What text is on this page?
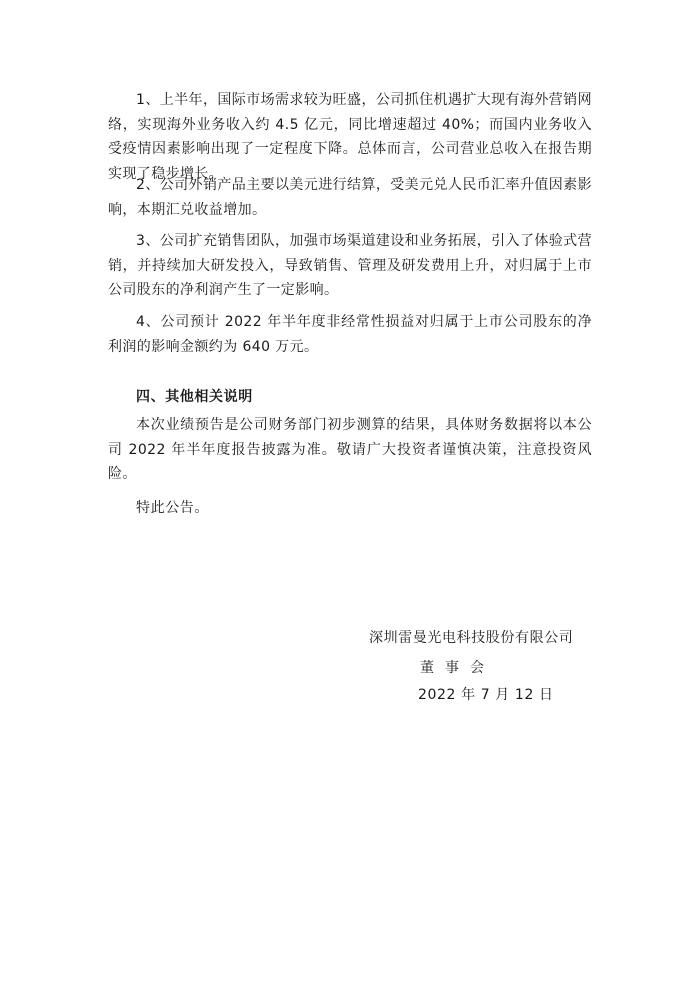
1、上半年，国际市场需求较为旺盛，公司抓住机遇扩大现有海外营销网络，实现海外业务收入约 4.5 亿元，同比增速超过 40%；而国内业务收入受疫情因素影响出现了一定程度下降。总体而言，公司营业总收入在报告期实现了稳步增长。

2、公司外销产品主要以美元进行结算，受美元兑人民币汇率升值因素影响，本期汇兑收益增加。

3、公司扩充销售团队，加强市场渠道建设和业务拓展，引入了体验式营销，并持续加大研发投入，导致销售、管理及研发费用上升，对归属于上市公司股东的净利润产生了一定影响。

4、公司预计 2022 年半年度非经常性损益对归属于上市公司股东的净利润的影响金额约为 640 万元。

四、其他相关说明

本次业绩预告是公司财务部门初步测算的结果，具体财务数据将以本公司 2022 年半年度报告披露为准。敬请广大投资者谨慎决策，注意投资风险。

特此公告。

深圳雷曼光电科技股份有限公司

董事会

2022 年 7 月 12 日
